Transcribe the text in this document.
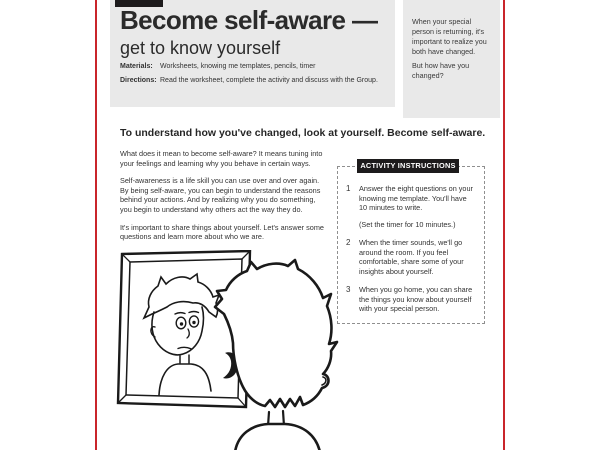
Become self-aware —
get to know yourself
Materials: Worksheets, knowing me templates, pencils, timer
Directions: Read the worksheet, complete the activity and discuss with the Group.

When your special person is returning, it's important to realize you both have changed.

But how have you changed?

To understand how you've changed, look at yourself. Become self-aware.

What does it mean to become self-aware? It means tuning into your feelings and learning why you behave in certain ways.

Self-awareness is a life skill you can use over and over again. By being self-aware, you can begin to understand the reasons behind your actions. And by realizing why you do something, you begin to understand why others act the way they do.

It's important to share things about yourself. Let's answer some questions and learn more about who we are.

ACTIVITY INSTRUCTIONS
1	Answer the eight questions on your knowing me template. You'll have 10 minutes to write.
(Set the timer for 10 minutes.)
2	When the timer sounds, we'll go around the room. If you feel comfortable, share some of your insights about yourself.
3	When you go home, you can share the things you know about yourself with your special person.
